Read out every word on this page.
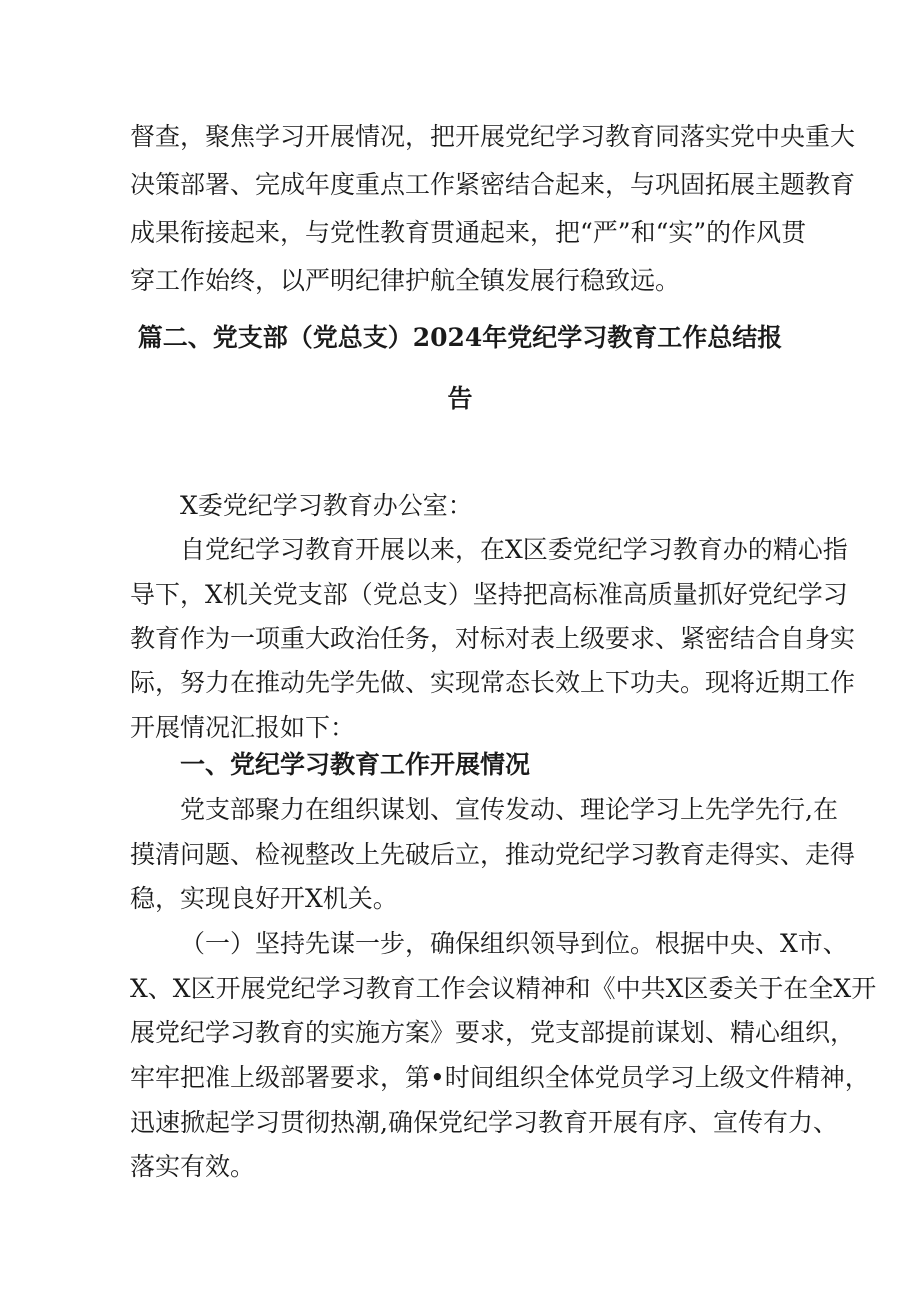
督查，聚焦学习开展情况，把开展党纪学习教育同落实党中央重大

决策部署、完成年度重点工作紧密结合起来，与巩固拓展主题教育

成果衔接起来，与党性教育贯通起来，把“严”和“实”的作风贯

穿工作始终，以严明纪律护航全镇发展行稳致远。

篇二、党支部（党总支）2024年党纪学习教育工作总结报

告

X委党纪学习教育办公室：

自党纪学习教育开展以来，在X区委党纪学习教育办的精心指

导下，X机关党支部（党总支）坚持把高标准高质量抓好党纪学习

教育作为一项重大政治任务，对标对表上级要求、紧密结合自身实

际，努力在推动先学先做、实现常态长效上下功夫。现将近期工作

开展情况汇报如下：

一、党纪学习教育工作开展情况

党支部聚力在组织谋划、宣传发动、理论学习上先学先行,在

摸清问题、检视整改上先破后立，推动党纪学习教育走得实、走得

稳，实现良好开X机关。

（一）坚持先谋一步，确保组织领导到位。根据中央、X市、

X、X区开展党纪学习教育工作会议精神和《中共X区委关于在全X开

展党纪学习教育的实施方案》要求，党支部提前谋划、精心组织，

牢牢把准上级部署要求，第•时间组织全体党员学习上级文件精神，

迅速掀起学习贯彻热潮,确保党纪学习教育开展有序、宣传有力、

落实有效。
